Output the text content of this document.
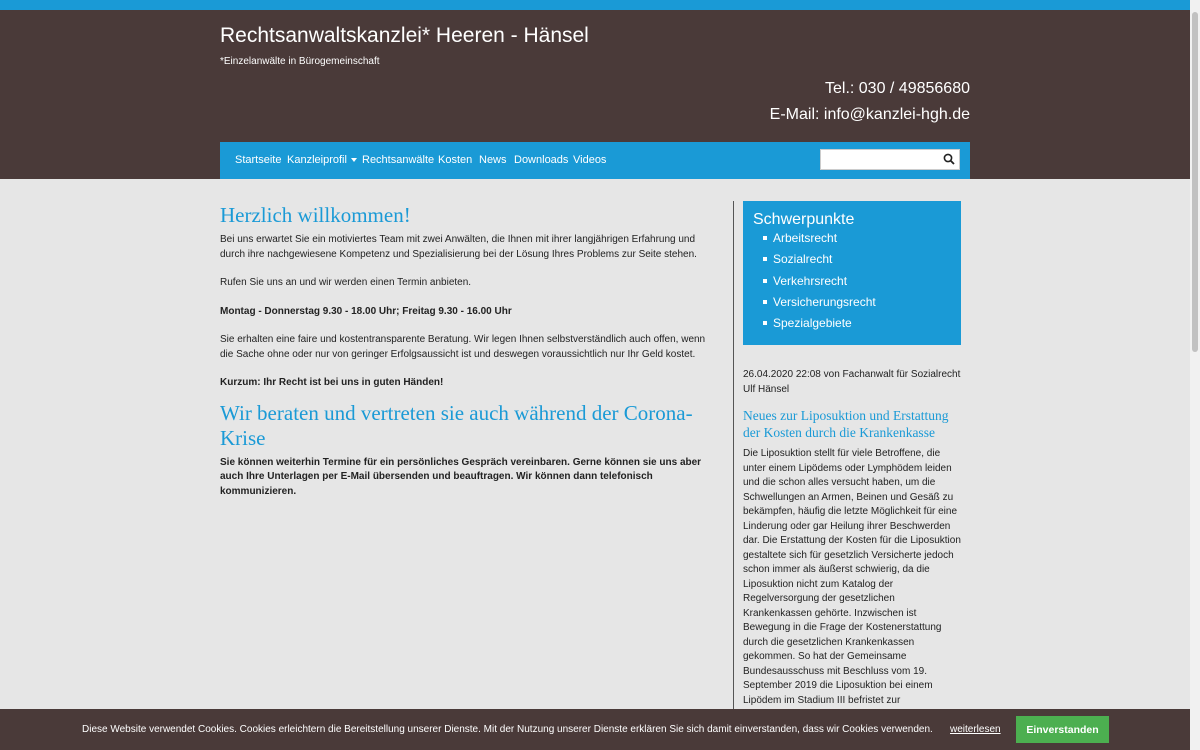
Rechtsanwaltskanzlei* Heeren - Hänsel
*Einzelanwälte in Bürogemeinschaft
Tel.: 030 / 49856680
E-Mail: info@kanzlei-hgh.de
Startseite Kanzleiprofil	Rechtsanwälte Kosten News Downloads Videos
Herzlich willkommen!

Bei uns erwartet Sie ein motiviertes Team mit zwei Anwälten, die Ihnen mit ihrer langjährigen Erfahrung und durch ihre nachgewiesene Kompetenz und Spezialisierung bei der Lösung Ihres Problems zur Seite stehen.

Rufen Sie uns an und wir werden einen Termin anbieten.

Montag - Donnerstag 9.30 - 18.00 Uhr; Freitag 9.30 - 16.00 Uhr

Sie erhalten eine faire und kostentransparente Beratung. Wir legen Ihnen selbstverständlich auch offen, wenn die Sache ohne oder nur von geringer Erfolgsaussicht ist und deswegen voraussichtlich nur Ihr Geld kostet.

Kurzum: Ihr Recht ist bei uns in guten Händen!

Wir beraten und vertreten sie auch während der Corona-Krise

Sie können weiterhin Termine für ein persönliches Gespräch vereinbaren. Gerne können sie uns aber auch Ihre Unterlagen per E-Mail übersenden und beauftragen. Wir können dann telefonisch kommunizieren.

Schwerpunkte
Arbeitsrecht
Sozialrecht
Verkehrsrecht
Versicherungsrecht
Spezialgebiete
26.04.2020 22:08 von Fachanwalt für Sozialrecht Ulf Hänsel
Neues zur Liposuktion und Erstattung der Kosten durch die Krankenkasse
Die Liposuktion stellt für viele Betroffene, die unter einem Lipödems oder Lymphödem leiden und die schon alles versucht haben, um die Schwellungen an Armen, Beinen und Gesäß zu bekämpfen, häufig die letzte Möglichkeit für eine Linderung oder gar Heilung ihrer Beschwerden dar. Die Erstattung der Kosten für die Liposuktion gestaltete sich für gesetzlich Versicherte jedoch schon immer als äußerst schwierig, da die Liposuktion nicht zum Katalog der Regelversorgung der gesetzlichen Krankenkassen gehörte. Inzwischen ist Bewegung in die Frage der Kostenerstattung durch die gesetzlichen Krankenkassen gekommen. So hat der Gemeinsame Bundesausschuss mit Beschluss vom 19. September 2019 die Liposuktion bei einem Lipödem im Stadium III befristet zur
Diese Website verwendet Cookies. Cookies erleichtern die Bereitstellung unserer Dienste. Mit der Nutzung unserer Dienste erklären Sie sich damit einverstanden, dass wir Cookies verwenden. weiterlesen	Einverstanden
